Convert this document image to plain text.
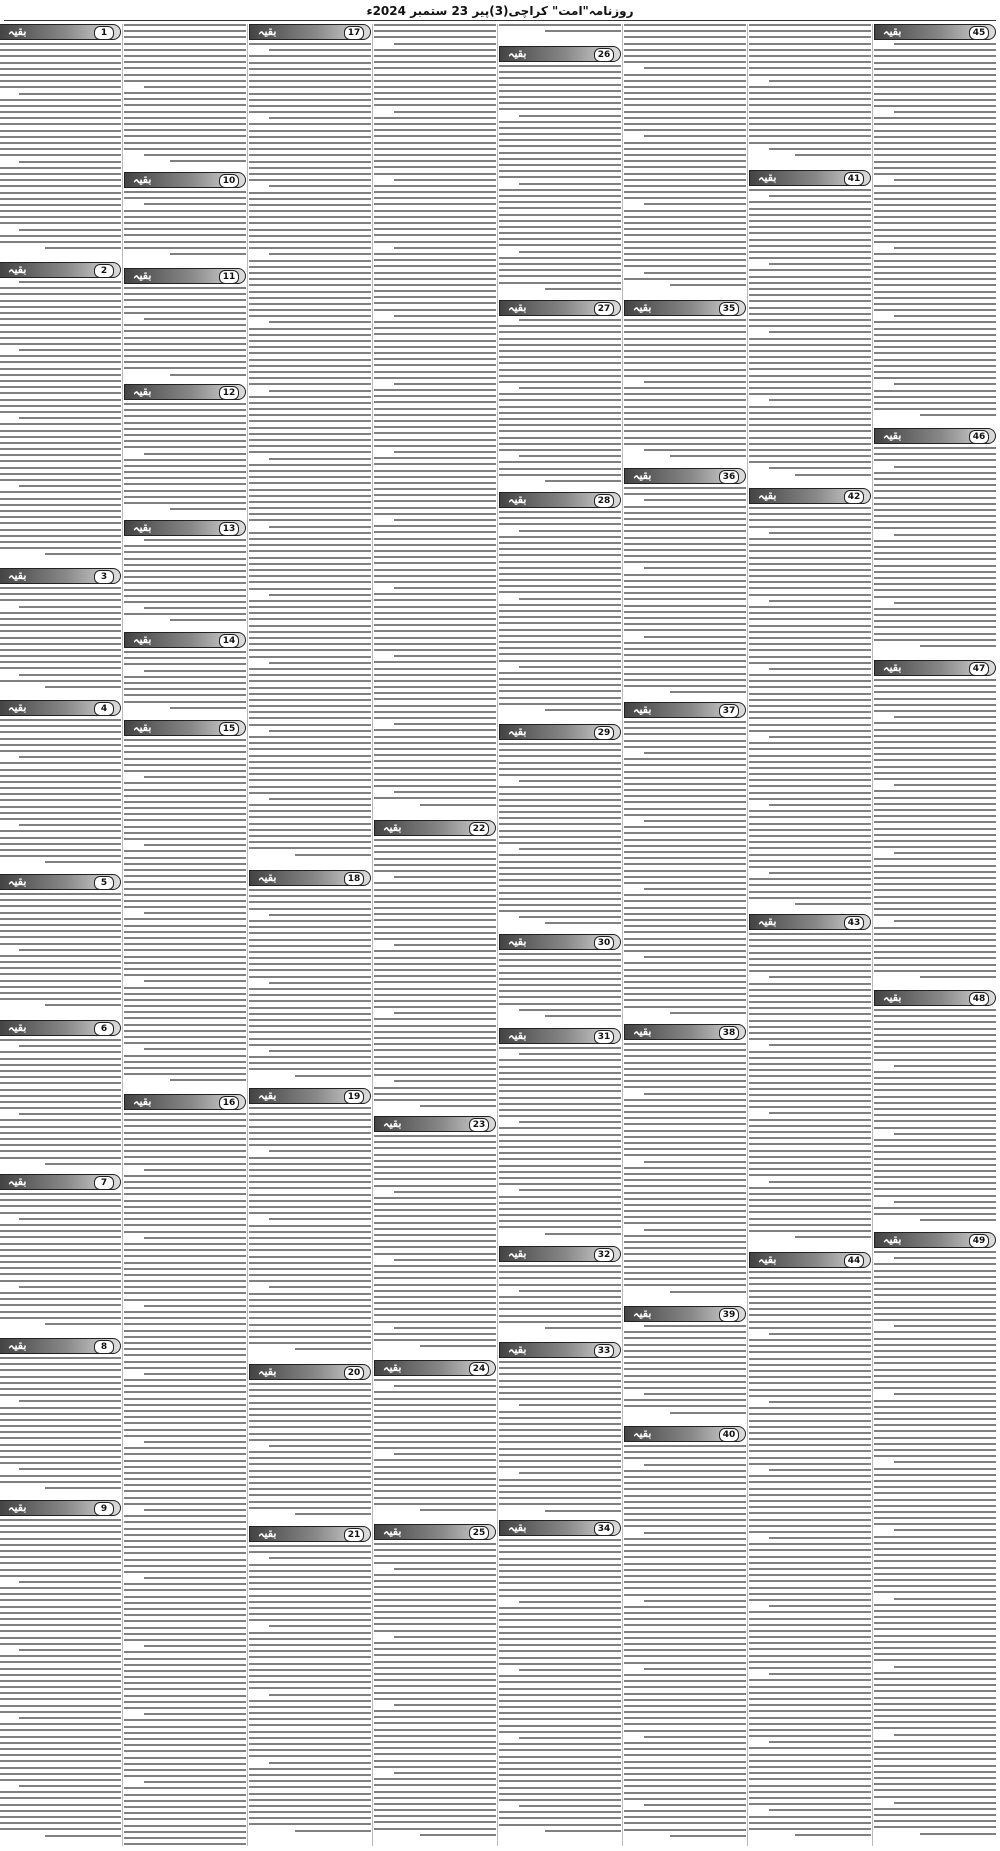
روزنامہ"امت" کراچی(3)پیر 23 ستمبر 2024ء
45
بقیہ
46
بقیہ
47
بقیہ
48
بقیہ
49
بقیہ
41
بقیہ
42
بقیہ
43
بقیہ
44
بقیہ
35
بقیہ
36
بقیہ
37
بقیہ
38
بقیہ
39
بقیہ
40
بقیہ
26
بقیہ
27
بقیہ
28
بقیہ
29
بقیہ
30
بقیہ
31
بقیہ
32
بقیہ
33
بقیہ
34
بقیہ
22
بقیہ
23
بقیہ
24
بقیہ
25
بقیہ
17
بقیہ
18
بقیہ
19
بقیہ
20
بقیہ
21
بقیہ
10
بقیہ
11
بقیہ
12
بقیہ
13
بقیہ
14
بقیہ
15
بقیہ
16
بقیہ
1
بقیہ
2
بقیہ
3
بقیہ
4
بقیہ
5
بقیہ
6
بقیہ
7
بقیہ
8
بقیہ
9
بقیہ
